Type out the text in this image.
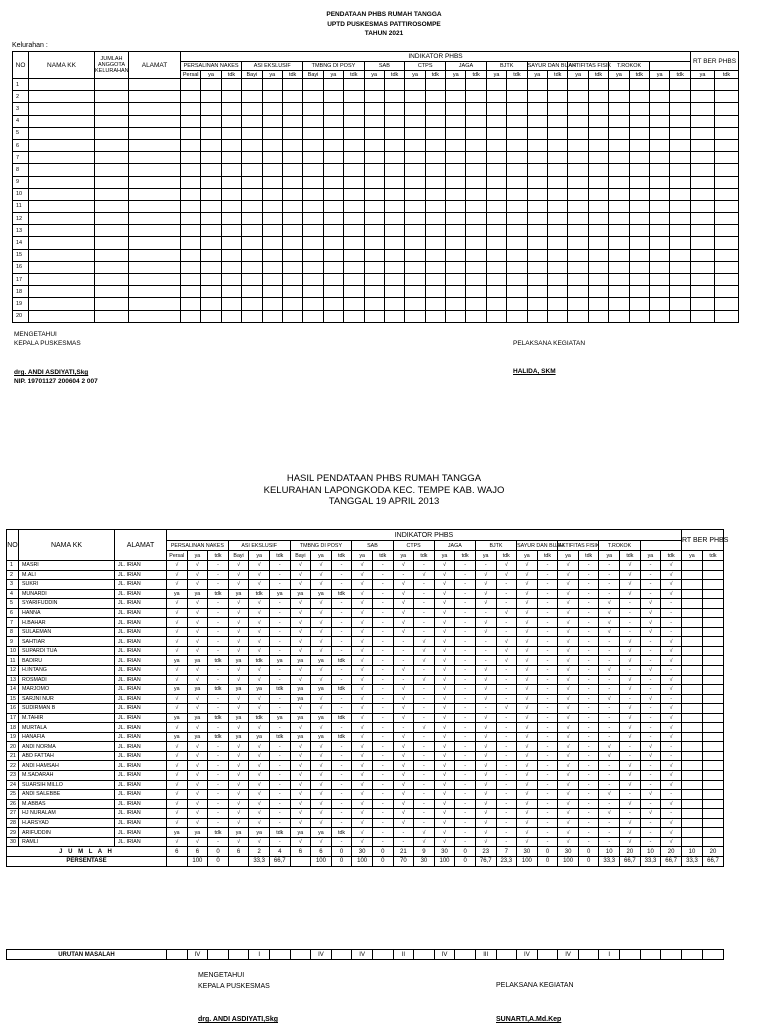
PENDATAAN PHBS RUMAH TANGGA
UPTD PUSKESMAS PATTIROSOMPE
TAHUN 2021
Kelurahan :
NO	NAMA KK	JUMLAH ANGGOTA KELURAHAN	ALAMAT	INDIKATOR PHBS																									RT BER PHBS	
				PERSALINAN NAKES			ASI EKSLUSIF			TMBNG DI POSY			SAB		CTPS		JAGA		BJTK		SAYUR DAN BUAH		AKTIFITAS FISIK		T.ROKOK					
				Persal	ya	tdk	Bayi	ya	tdk	Bayi	ya	tdk	ya	tdk	ya	tdk	ya	tdk	ya	tdk	ya	tdk	ya	tdk	ya	tdk	ya	tdk	ya	tdk
1																														
2																														
3																														
4																														
5																														
6																														
7																														
8																														
9																														
10																														
11																														
12																														
13																														
14																														
15																														
16																														
17																														
18																														
19																														
20																														
MENGETAHUI
KEPALA PUSKESMAS	PELAKSANA KEGIATAN
drg. ANDI ASDIYATI,Skg
NIP. 19701127 200604 2 007
HALIDA, SKM
HASIL PENDATAAN PHBS RUMAH TANGGA
KELURAHAN LAPONGKODA KEC. TEMPE KAB. WAJO
TANGGAL 19 APRIL 2013
NO	NAMA KK	ALAMAT	INDIKATOR PHBS																									RT BER PHBS	
			PERSALINAN NAKES			ASI EKSLUSIF			TMBNG DI POSY			SAB		CTPS		JAGA		BJTK		SAYUR DAN BUAH		AKTIFITAS FISIK		T.ROKOK					
			Persal	ya	tdk	Bayi	ya	tdk	Bayi	ya	tdk	ya	tdk	ya	tdk	ya	tdk	ya	tdk	ya	tdk	ya	tdk	ya	tdk	ya	tdk	ya	tdk
1	MASRI	JL. IRIAN	√	√	-	√	√	-	√	√	-	√	-	√	-	√	-	-	√	√	-	√	-	-	√	-	√		
2	M.ALI	JL. IRIAN	√	√	-	√	√	-	√	√	-	√	-	-	√	√	-	√	√	√	-	√	-	-	√	-	√		
3	SUKRI	JL. IRIAN	√	√	-	√	√	-	√	√	-	√	-	√	-	√	-	√	-	√	-	√	-	-	√	-	√		
4	MUNARDI	JL. IRIAN	ya	ya	tdk	ya	tdk	ya	ya	ya	tdk	√	-	√	-	√	-	√	-	√	-	√	-	-	√	-	√		
5	SYARIFUDDIN	JL. IRIAN	√	√	-	√	√	-	√	√	-	√	-	√	-	√	-	√	-	√	-	√	-	√	-	√	-		
6	HANNA	JL. IRIAN	√	√	-	√	√	-	√	√	-	√	-	√	-	√	-	-	√	√	-	√	-	√	-	√	-		
7	H.BAHAR	JL. IRIAN	√	√	-	√	√	-	√	√	-	√	-	√	-	√	-	√	-	√	-	√	-	√	-	√	-		
8	SULAEMAN	JL. IRIAN	√	√	-	√	√	-	√	√	-	√	-	√	-	√	-	√	-	√	-	√	-	√	-	√	-		
9	SAHTIAR	JL. IRIAN	√	√	-	√	√	-	√	√	-	√	-	-	√	√	-	-	√	√	-	√	-	-	√	-	√		
10	SUPARDI TUA	JL. IRIAN	√	√	-	√	√	-	√	√	-	√	-	-	√	√	-	-	√	√	-	√	-	-	√	-	√		
11	BADIRU	JL. IRIAN	ya	ya	tdk	ya	tdk	ya	ya	ya	tdk	√	-	-	√	√	-	-	√	√	-	√	-	-	√	-	√		
12	H.INTANG	JL. IRIAN	√	√	-	√	√	-	√	√	-	√	-	√	-	√	-	√	-	√	-	√	-	√	-	√	-		
13	ROSMADI	JL. IRIAN	√	√	-	√	√	-	√	√	-	√	-	-	√	√	-	√	-	√	-	√	-	-	√	-	√		
14	MARJOMO	JL. IRIAN	ya	ya	tdk	ya	ya	tdk	ya	ya	tdk	√	-	√	-	√	-	√	-	√	-	√	-	-	√	-	√		
15	SARJNI NUR	JL. IRIAN	√	√	-	√	√	-	ya	√	-	√	-	√	-	√	-	√	-	√	-	√	-	√	-	√	-		
16	SUDIRMAN B	JL. IRIAN	√	√	-	√	√	-	√	√	-	√	-	√	-	√	-	-	√	√	-	√	-	-	√	-	√		
17	M.TAHIR	JL. IRIAN	ya	ya	tdk	ya	tdk	ya	ya	ya	tdk	√	-	√	-	√	-	√	-	√	-	√	-	-	√	-	√		
18	MURTALA	JL. IRIAN	√	√	-	√	√	-	√	√	-	√	-	-	√	√	-	√	-	√	-	√	-	-	√	-	√		
19	HANAFIA	JL. IRIAN	ya	ya	tdk	ya	ya	tdk	ya	ya	tdk	√	-	√	-	√	-	√	-	√	-	√	-	-	√	-	√		
20	ANDI NORMA	JL. IRIAN	√	√	-	√	√	-	√	√	-	√	-	√	-	√	-	√	-	√	-	√	-	√	-	√	-		
21	ABD FATTAH	JL. IRIAN	√	√	-	√	√	-	√	√	-	√	-	√	-	√	-	√	-	√	-	√	-	√	-	√	-		
22	ANDI HAMSAH	JL. IRIAN	√	√	-	√	√	-	√	√	-	√	-	√	-	√	-	√	-	√	-	√	-	-	√	-	√		
23	M.SADARAH	JL. IRIAN	√	√	-	√	√	-	√	√	-	√	-	√	-	√	-	√	-	√	-	√	-	-	√	-	√		
24	SUARSIH MILLO	JL. IRIAN	√	√	-	√	√	-	√	√	-	√	-	√	-	√	-	√	-	√	-	√	-	-	√	-	√		
25	ANDI SALEBBE	JL. IRIAN	√	√	-	√	√	-	√	√	-	√	-	√	-	√	-	√	-	√	-	√	-	√	-	√	-		
26	M.ABBAS	JL. IRIAN	√	√	-	√	√	-	√	√	-	√	-	√	-	√	-	√	-	√	-	√	-	-	√	-	√		
27	HJ NURALAM	JL. IRIAN	√	√	-	√	√	-	√	√	-	√	-	√	-	√	-	√	-	√	-	√	-	√	-	√	-		
28	H.ARSYAD	JL. IRIAN	√	√	-	√	√	-	√	√	-	√	-	√	-	√	-	√	-	√	-	√	-	-	√	-	√		
29	ARIFUDDIN	JL. IRIAN	ya	ya	tdk	ya	ya	tdk	ya	ya	tdk	√	-	-	√	√	-	√	-	√	-	√	-	-	√	-	√		
30	RAMLI	JL. IRIAN	√	√	-	√	√	-	√	√	-	√	-	-	√	√	-	√	-	√	-	√	-	-	√	-	√		
J U M L A H			6	6	0	6	2	4	6	6	0	30	0	21	9	30	0	23	7	30	0	30	0	10	20	10	20	10	20
PERSENTASE				100	0		33,3	66,7		100	0	100	0	70	30	100	0	76,7	23,3	100	0	100	0	33,3	66,7	33,3	66,7	33,3	66,7
URUTAN MASALAH		IV			I			IV		IV		II		IV		III		IV		IV		I					
MENGETAHUI
KEPALA PUSKESMAS	PELAKSANA KEGIATAN
drg. ANDI ASDIYATI,Skg	SUNARTI,A.Md.Kep
